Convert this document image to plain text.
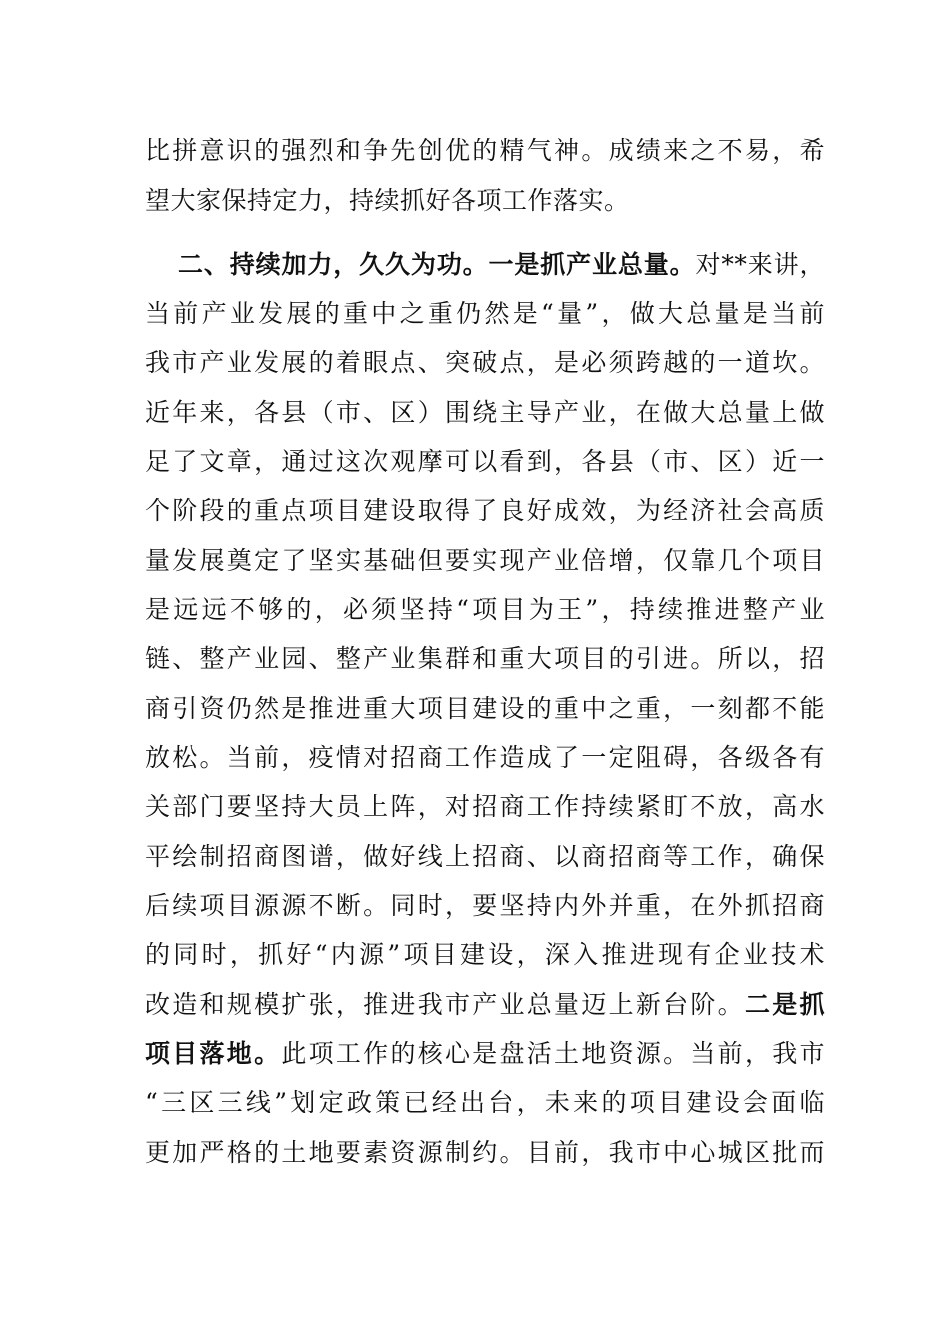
比拼意识的强烈和争先创优的精气神。成绩来之不易，希
望大家保持定力，持续抓好各项工作落实。
二、持续加力，久久为功。一是抓产业总量。对**来讲，
当前产业发展的重中之重仍然是“量”，做大总量是当前
我市产业发展的着眼点、突破点，是必须跨越的一道坎。
近年来，各县（市、区）围绕主导产业，在做大总量上做
足了文章，通过这次观摩可以看到，各县（市、区）近一
个阶段的重点项目建设取得了良好成效，为经济社会高质
量发展奠定了坚实基础但要实现产业倍增，仅靠几个项目
是远远不够的，必须坚持“项目为王”，持续推进整产业
链、整产业园、整产业集群和重大项目的引进。所以，招
商引资仍然是推进重大项目建设的重中之重，一刻都不能
放松。当前，疫情对招商工作造成了一定阻碍，各级各有
关部门要坚持大员上阵，对招商工作持续紧盯不放，高水
平绘制招商图谱，做好线上招商、以商招商等工作，确保
后续项目源源不断。同时，要坚持内外并重，在外抓招商
的同时，抓好“内源”项目建设，深入推进现有企业技术
改造和规模扩张，推进我市产业总量迈上新台阶。二是抓
项目落地。此项工作的核心是盘活土地资源。当前，我市
“三区三线”划定政策已经出台，未来的项目建设会面临
更加严格的土地要素资源制约。目前，我市中心城区批而
